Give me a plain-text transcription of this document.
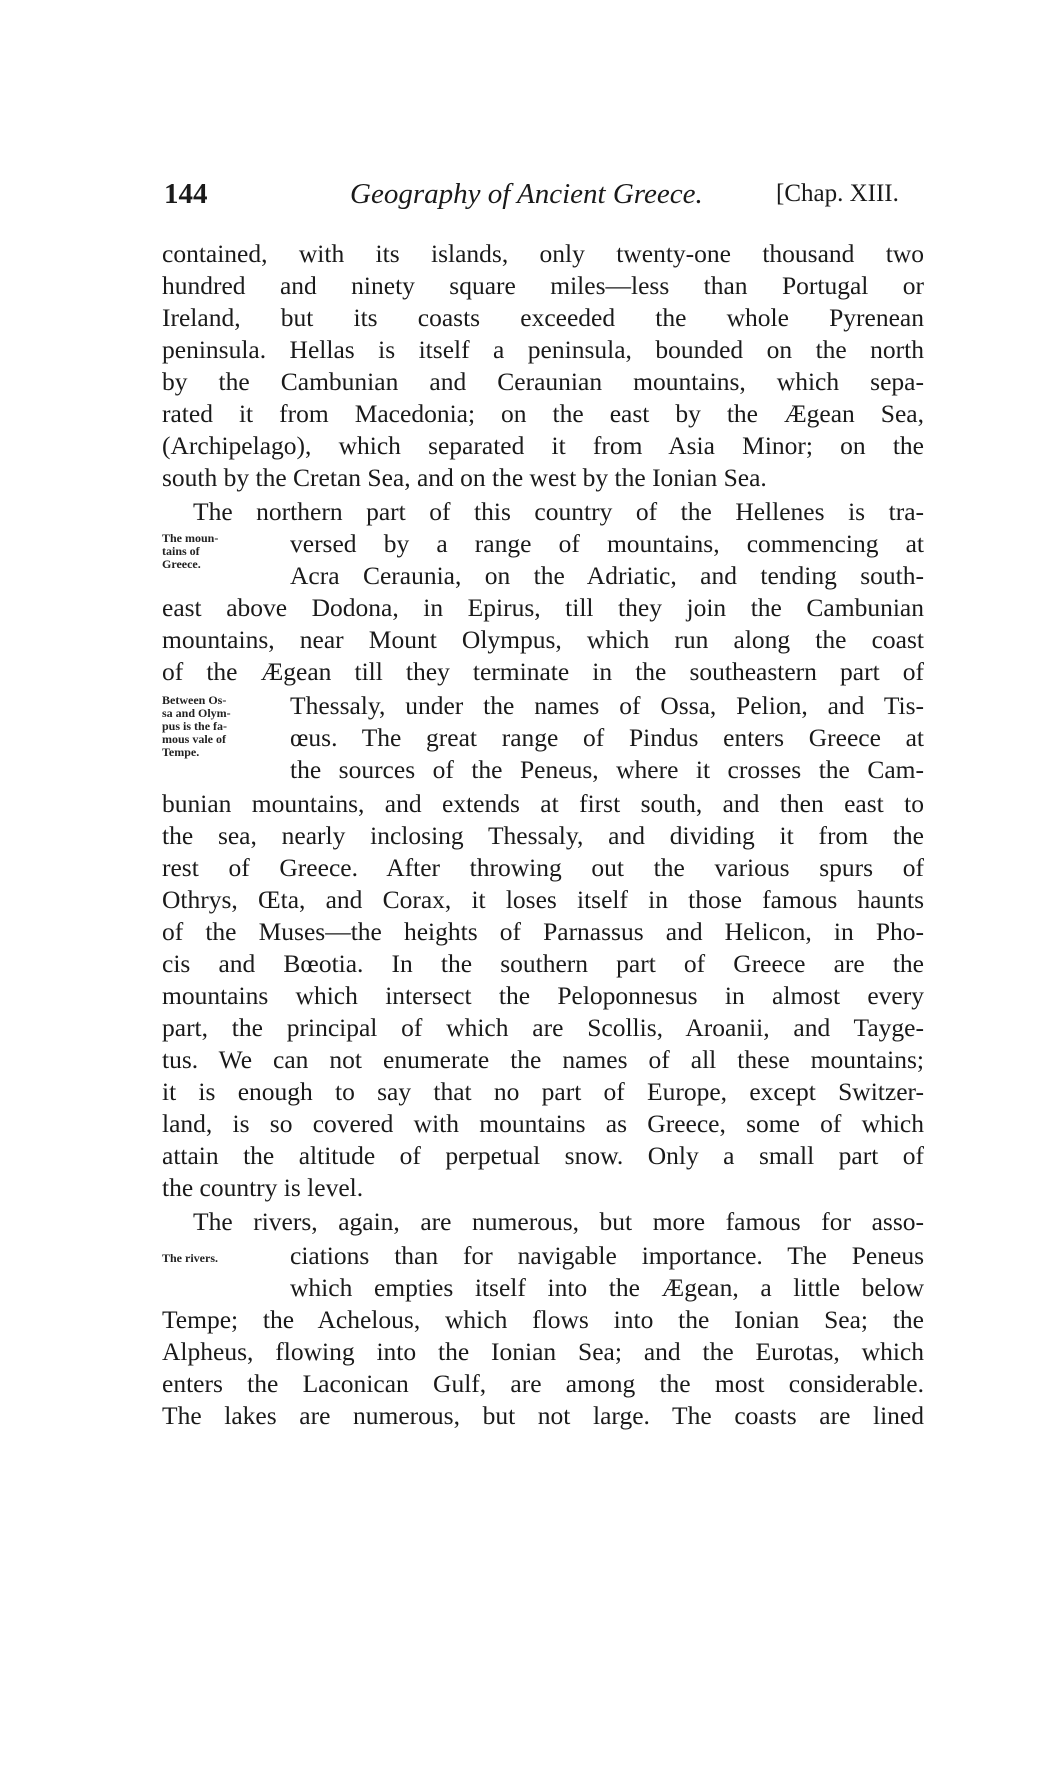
144	Geography of Ancient Greece.	[Chap. XIII.
contained, with its islands, only twenty-one thousand two
hundred and ninety square miles—less than Portugal or
Ireland, but its coasts exceeded the whole Pyrenean
peninsula. Hellas is itself a peninsula, bounded on the north
by the Cambunian and Ceraunian mountains, which sepa-
rated it from Macedonia; on the east by the Ægean Sea,
(Archipelago), which separated it from Asia Minor; on the
south by the Cretan Sea, and on the west by the Ionian Sea.
The northern part of this country of the Hellenes is tra-
versed by a range of mountains, commencing at
Acra Ceraunia, on the Adriatic, and tending south-
east above Dodona, in Epirus, till they join the Cambunian
mountains, near Mount Olympus, which run along the coast
of the Ægean till they terminate in the southeastern part of
Thessaly, under the names of Ossa, Pelion, and Tis-
œus. The great range of Pindus enters Greece at
the sources of the Peneus, where it crosses the Cam-
bunian mountains, and extends at first south, and then east to
the sea, nearly inclosing Thessaly, and dividing it from the
rest of Greece. After throwing out the various spurs of
Othrys, Œta, and Corax, it loses itself in those famous haunts
of the Muses—the heights of Parnassus and Helicon, in Pho-
cis and Bœotia. In the southern part of Greece are the
mountains which intersect the Peloponnesus in almost every
part, the principal of which are Scollis, Aroanii, and Tayge-
tus. We can not enumerate the names of all these mountains;
it is enough to say that no part of Europe, except Switzer-
land, is so covered with mountains as Greece, some of which
attain the altitude of perpetual snow. Only a small part of
the country is level.
The rivers, again, are numerous, but more famous for asso-
ciations than for navigable importance. The Peneus
which empties itself into the Ægean, a little below
Tempe; the Achelous, which flows into the Ionian Sea; the
Alpheus, flowing into the Ionian Sea; and the Eurotas, which
enters the Laconican Gulf, are among the most considerable.
The lakes are numerous, but not large. The coasts are lined
The moun-
tains of
Greece.
Between Os-
sa and Olym-
pus is the fa-
mous vale of
Tempe.
The rivers.
